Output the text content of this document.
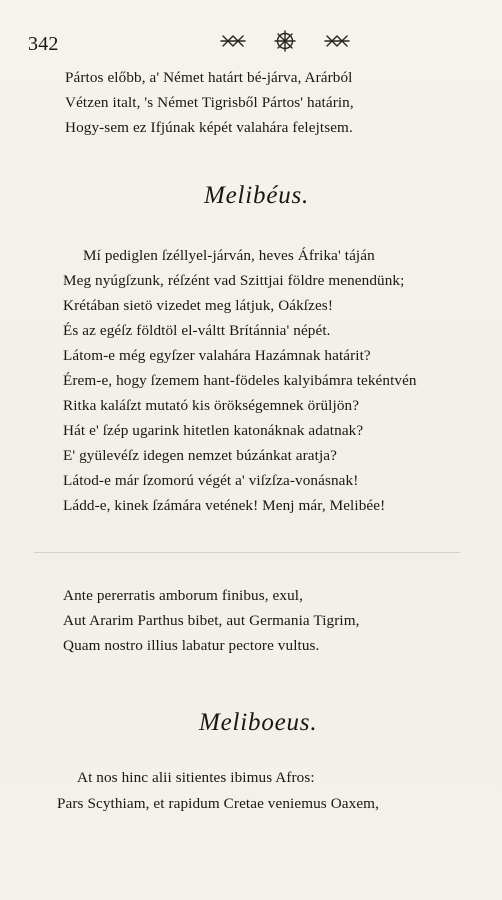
342
Pártos előbb, a' Német határt bé-járva, Arárból
Vétzen italt, 's Német Tigrisből Pártos' határin,
Hogy-sem ez Ifjúnak képét valahára felejtsem.
Melibéus.
Mí pediglen ſzéllyel-járván, heves Áfrika' táján
Meg nyúgſzunk, réſzént vad Szittjai földre menendünk;
Krétában sietö vizedet meg látjuk, Oákſzes!
És az egéſz földtöl el-váltt Brítánnia' népét.
Látom-e még egyſzer valahára Hazámnak határit?
Érem-e, hogy ſzemem hant-födeles kalyibámra tekéntvén
Ritka kaláſzt mutató kis örökségemnek örüljön?
Hát e' ſzép ugarink hitetlen katonáknak adatnak?
E' gyülevéſz idegen nemzet búzánkat aratja?
Látod-e már ſzomorú végét a' viſzſza-vonásnak!
Ládd-e, kinek ſzámára vetének! Menj már, Melibée!
Ante pererratis amborum finibus, exul,
Aut Ararim Parthus bibet, aut Germania Tigrim,
Quam nostro illius labatur pectore vultus.
Meliboeus.
At nos hinc alii sitientes ibimus Afros:
Pars Scythiam, et rapidum Cretae veniemus Oaxem,
